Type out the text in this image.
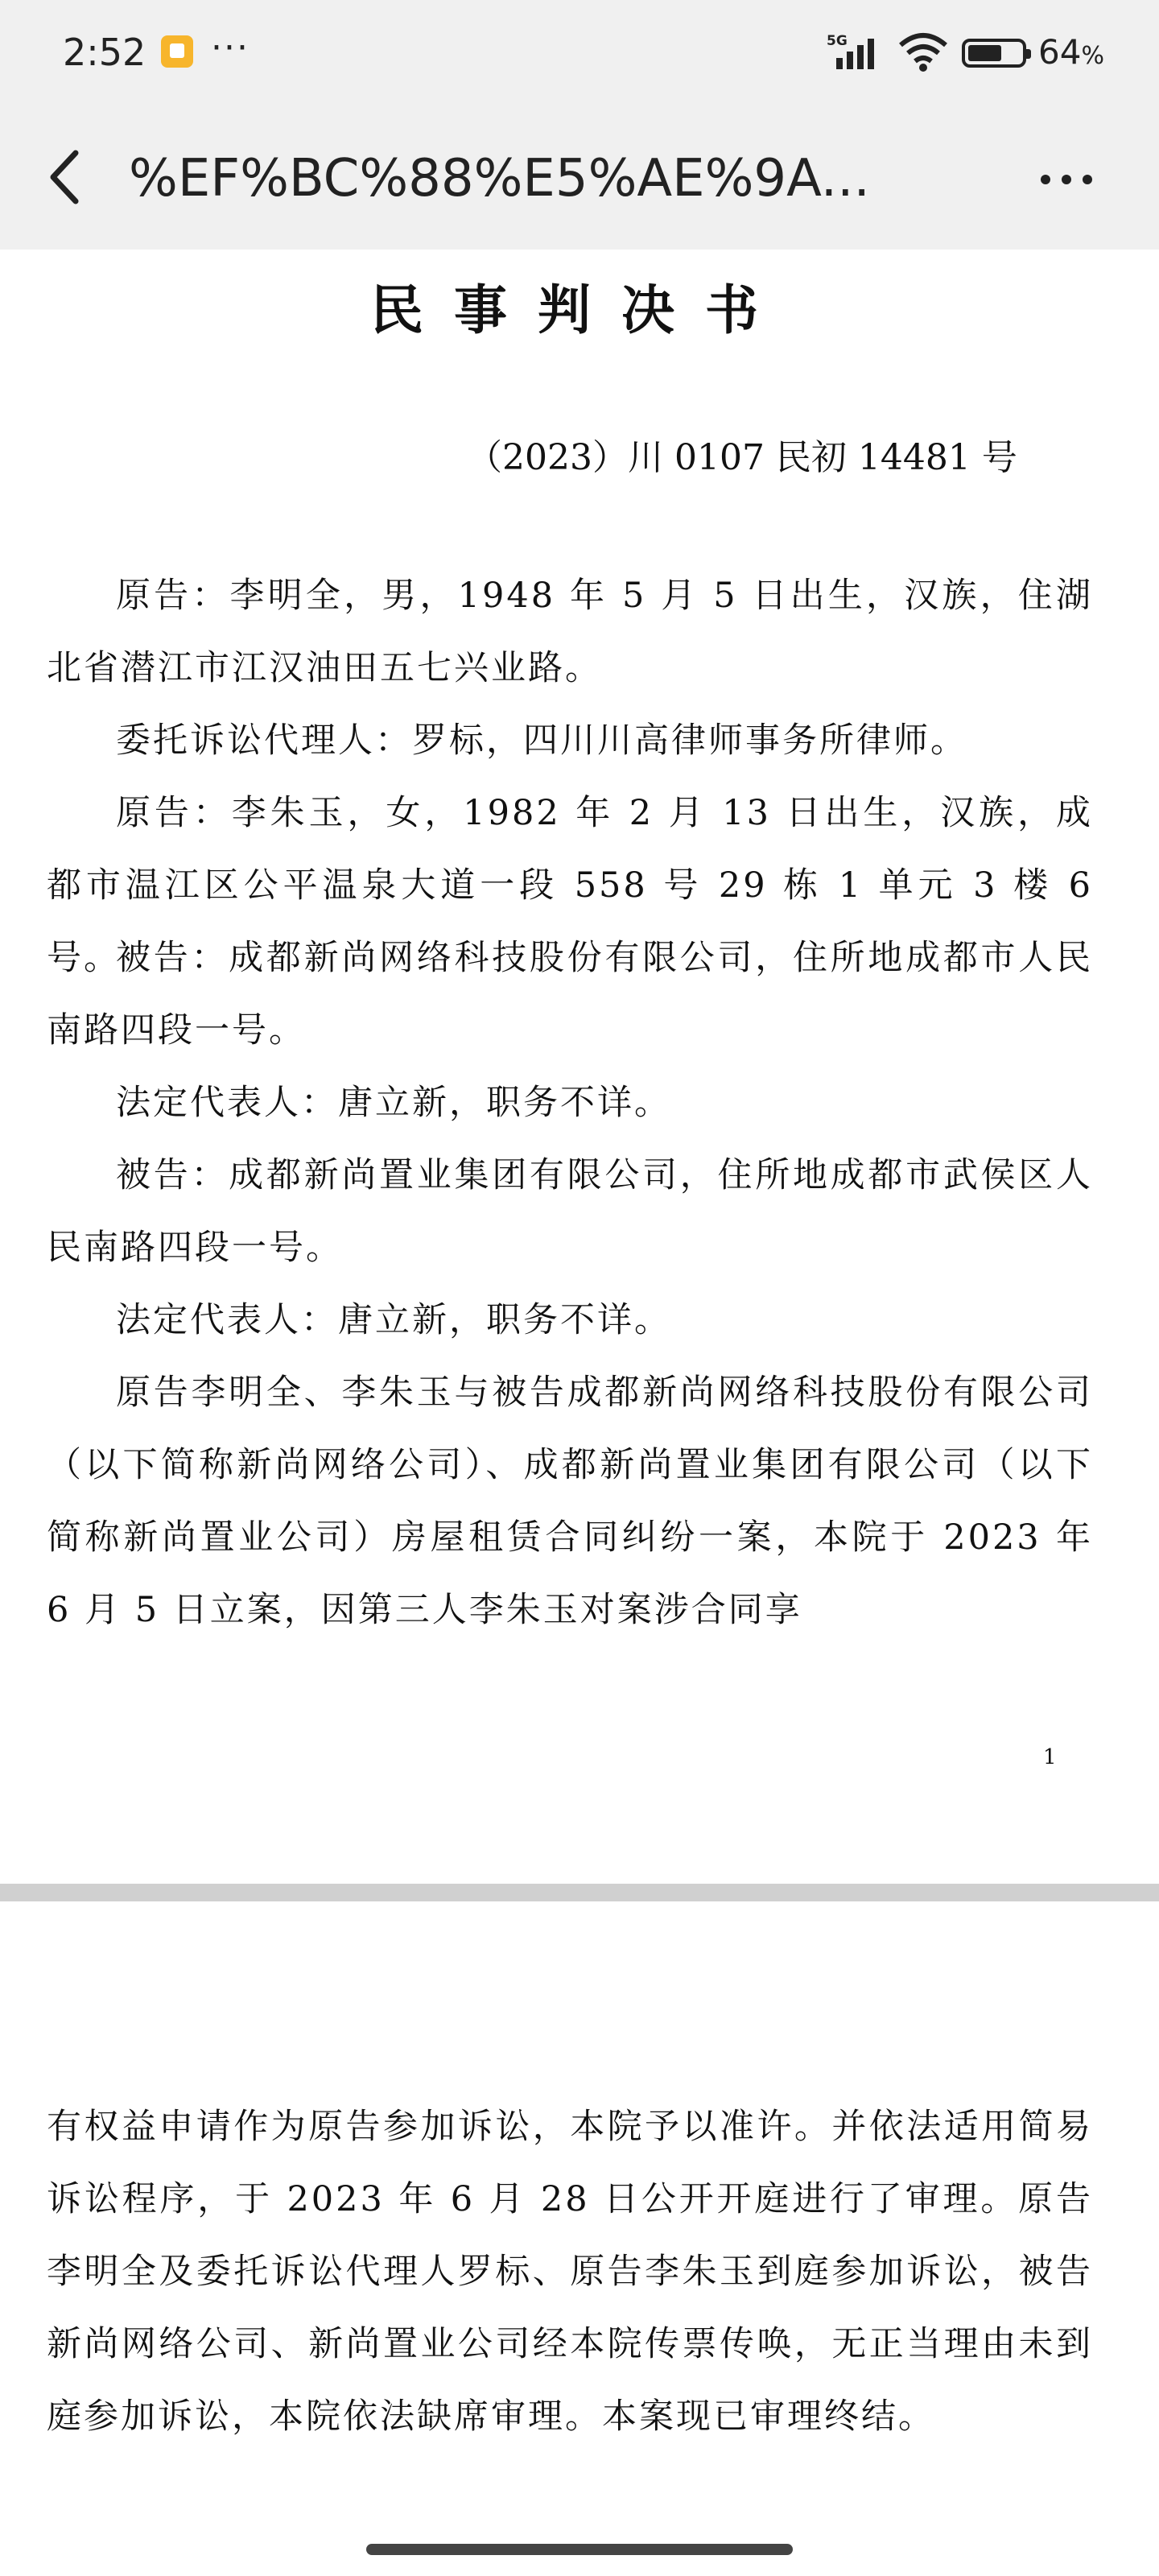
2:52 ···	5G	64%
%EF%BC%88%E5%AE%9A...
民事判决书
（2023）川 0107 民初 14481 号

原告：李明全，男，1948 年 5 月 5 日出生，汉族，住湖北省潜江市江汉油田五七兴业路。

委托诉讼代理人：罗标，四川川高律师事务所律师。

原告：李朱玉，女，1982 年 2 月 13 日出生，汉族，成都市温江区公平温泉大道一段 558 号 29 栋 1 单元 3 楼 6 号。

被告：成都新尚网络科技股份有限公司，住所地成都市人民南路四段一号。

法定代表人：唐立新，职务不详。

被告：成都新尚置业集团有限公司，住所地成都市武侯区人民南路四段一号。

法定代表人：唐立新，职务不详。

原告李明全、李朱玉与被告成都新尚网络科技股份有限公司（以下简称新尚网络公司）、成都新尚置业集团有限公司（以下简称新尚置业公司）房屋租赁合同纠纷一案，本院于 2023 年 6 月 5 日立案，因第三人李朱玉对案涉合同享

1

有权益申请作为原告参加诉讼，本院予以准许。并依法适用简易诉讼程序，于 2023 年 6 月 28 日公开开庭进行了审理。原告李明全及委托诉讼代理人罗标、原告李朱玉到庭参加诉讼，被告新尚网络公司、新尚置业公司经本院传票传唤，无正当理由未到庭参加诉讼，本院依法缺席审理。本案现已审理终结。
